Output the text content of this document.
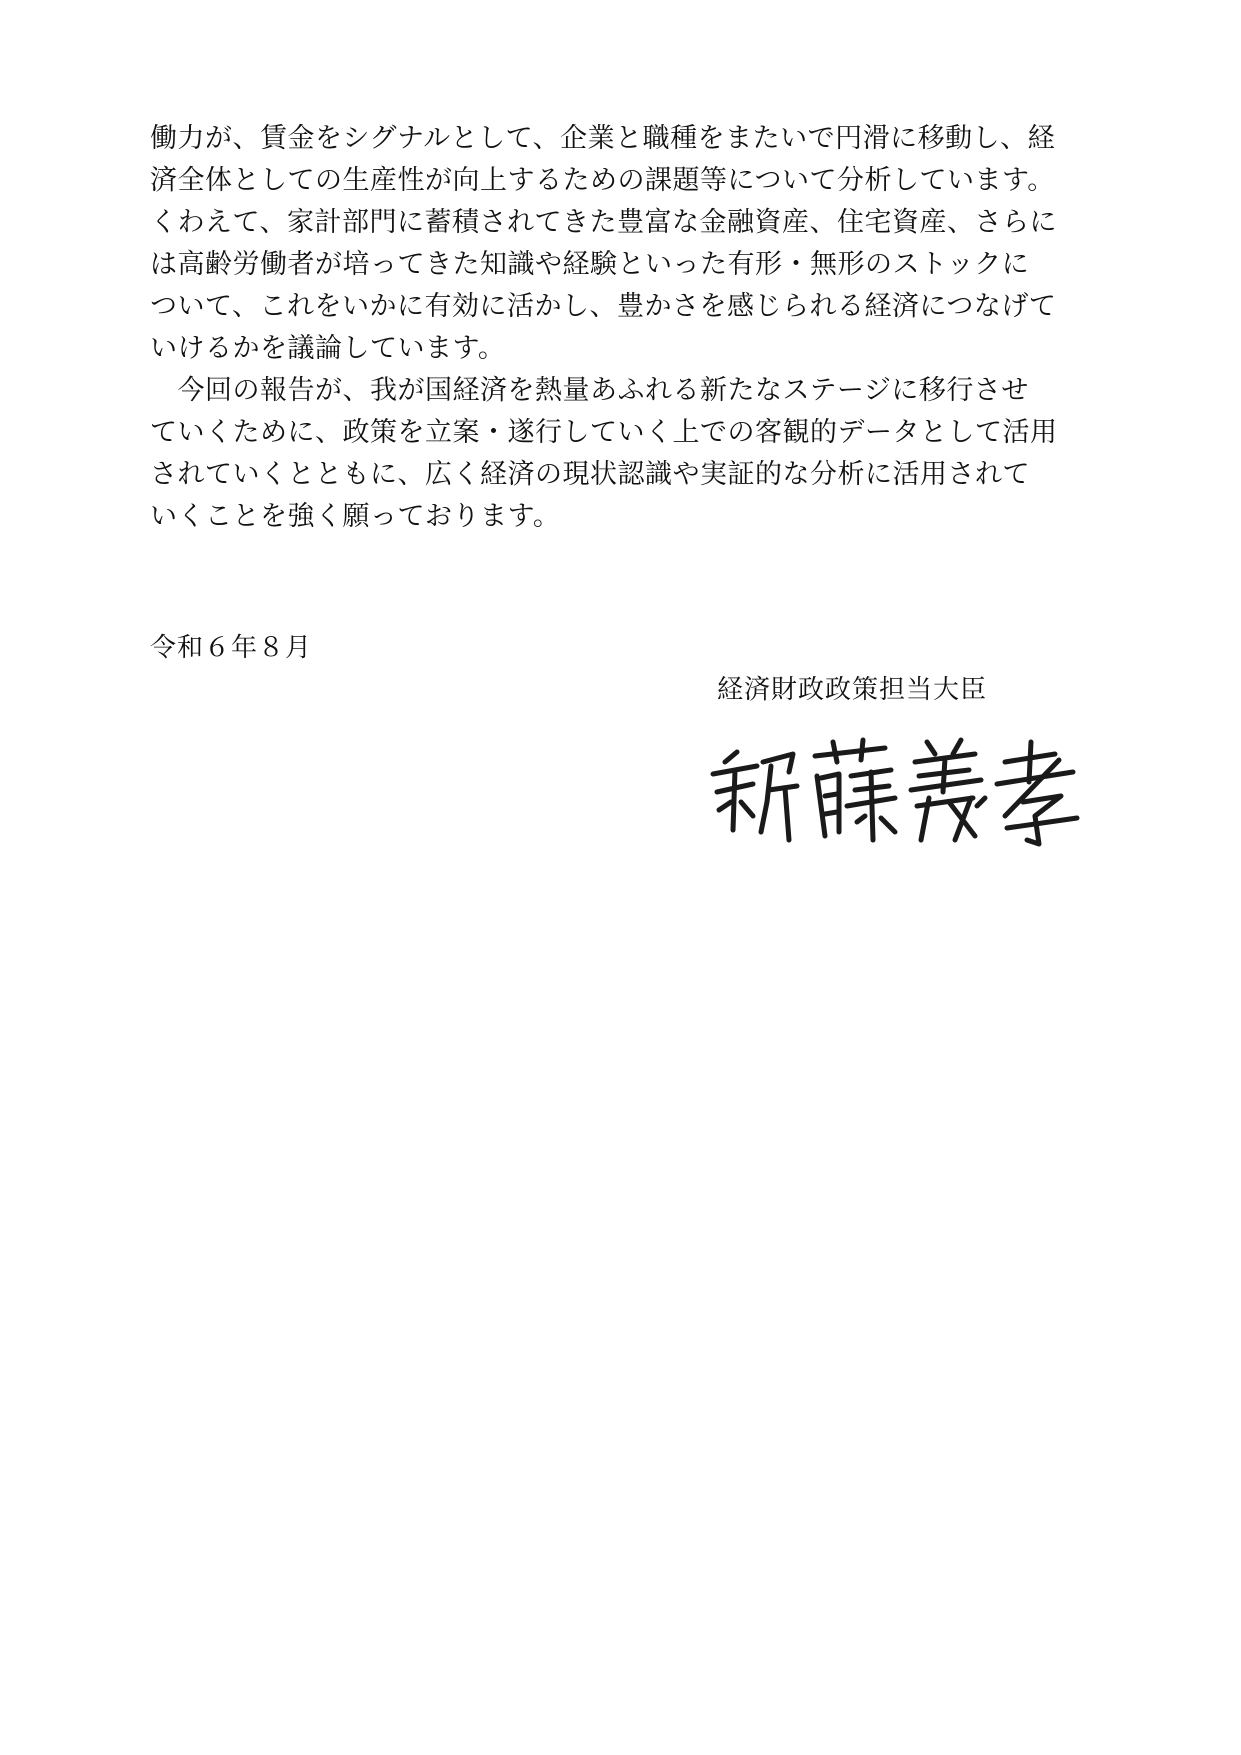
働力が、賃金をシグナルとして、企業と職種をまたいで円滑に移動し、経
済全体としての生産性が向上するための課題等について分析しています。
くわえて、家計部門に蓄積されてきた豊富な金融資産、住宅資産、さらに
は高齢労働者が培ってきた知識や経験といった有形・無形のストックに
ついて、これをいかに有効に活かし、豊かさを感じられる経済につなげて
いけるかを議論しています。
　今回の報告が、我が国経済を熱量あふれる新たなステージに移行させ
ていくために、政策を立案・遂行していく上での客観的データとして活用
されていくとともに、広く経済の現状認識や実証的な分析に活用されて
いくことを強く願っております。
令和６年８月
経済財政政策担当大臣
